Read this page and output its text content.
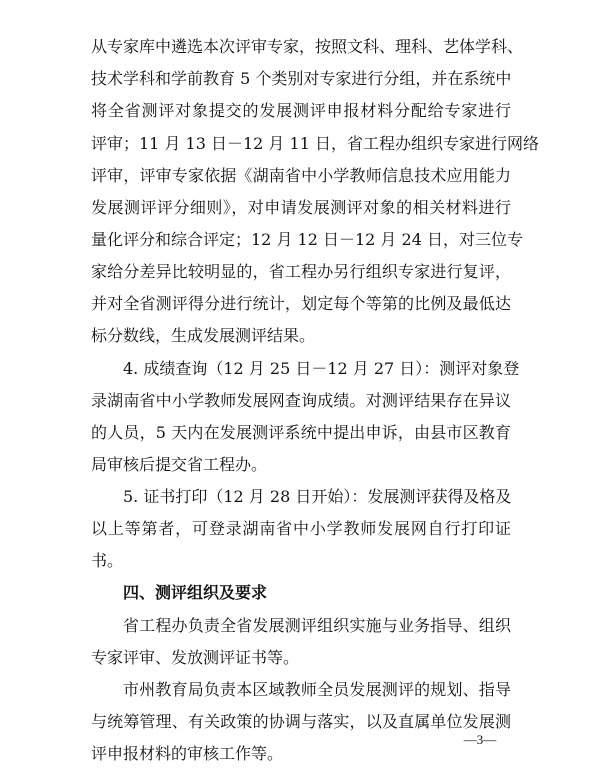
从专家库中遴选本次评审专家，按照文科、理科、艺体学科、
技术学科和学前教育 5 个类别对专家进行分组，并在系统中
将全省测评对象提交的发展测评申报材料分配给专家进行
评审；11 月 13 日－12 月 11 日，省工程办组织专家进行网络
评审，评审专家依据《湖南省中小学教师信息技术应用能力
发展测评评分细则》，对申请发展测评对象的相关材料进行
量化评分和综合评定；12 月 12 日－12 月 24 日，对三位专
家给分差异比较明显的，省工程办另行组织专家进行复评，
并对全省测评得分进行统计，划定每个等第的比例及最低达
标分数线，生成发展测评结果。
4. 成绩查询（12 月 25 日－12 月 27 日）：测评对象登
录湖南省中小学教师发展网查询成绩。对测评结果存在异议
的人员，5 天内在发展测评系统中提出申诉，由县市区教育
局审核后提交省工程办。
5. 证书打印（12 月 28 日开始）：发展测评获得及格及
以上等第者，可登录湖南省中小学教师发展网自行打印证
书。
四、测评组织及要求
省工程办负责全省发展测评组织实施与业务指导、组织
专家评审、发放测评证书等。
市州教育局负责本区域教师全员发展测评的规划、指导
与统筹管理、有关政策的协调与落实，以及直属单位发展测
评申报材料的审核工作等。
—3—
